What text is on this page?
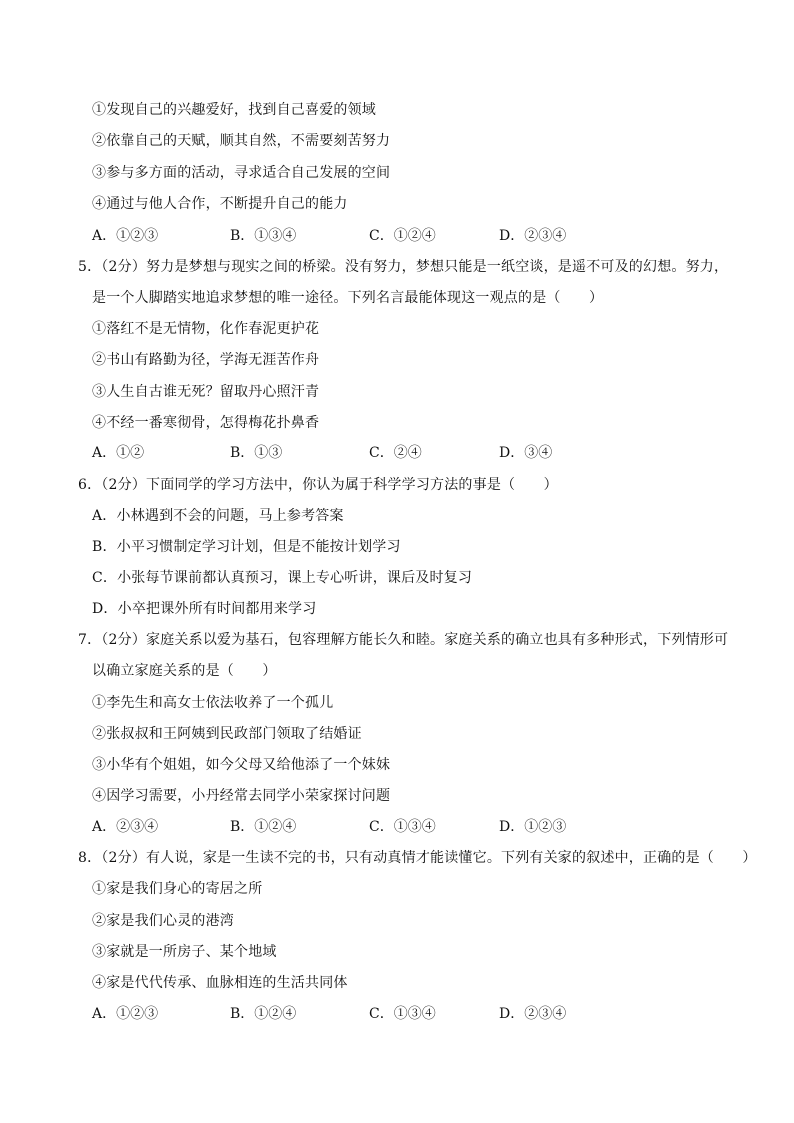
①发现自己的兴趣爱好，找到自己喜爱的领域
②依靠自己的天赋，顺其自然，不需要刻苦努力
③参与多方面的活动，寻求适合自己发展的空间
④通过与他人合作，不断提升自己的能力
A．①②③	B．①③④	C．①②④	D．②③④
5．（2分）努力是梦想与现实之间的桥梁。没有努力，梦想只能是一纸空谈，是遥不可及的幻想。努力，
是一个人脚踏实地追求梦想的唯一途径。下列名言最能体现这一观点的是（　　）
①落红不是无情物，化作春泥更护花
②书山有路勤为径，学海无涯苦作舟
③人生自古谁无死？留取丹心照汗青
④不经一番寒彻骨，怎得梅花扑鼻香
A．①②	B．①③	C．②④	D．③④
6．（2分）下面同学的学习方法中，你认为属于科学学习方法的事是（　　）
A．小林遇到不会的问题，马上参考答案
B．小平习惯制定学习计划，但是不能按计划学习
C．小张每节课前都认真预习，课上专心听讲，课后及时复习
D．小卒把课外所有时间都用来学习
7．（2分）家庭关系以爱为基石，包容理解方能长久和睦。家庭关系的确立也具有多种形式，下列情形可
以确立家庭关系的是（　　）
①李先生和高女士依法收养了一个孤儿
②张叔叔和王阿姨到民政部门领取了结婚证
③小华有个姐姐，如今父母又给他添了一个妹妹
④因学习需要，小丹经常去同学小荣家探讨问题
A．②③④	B．①②④	C．①③④	D．①②③
8．（2分）有人说，家是一生读不完的书，只有动真情才能读懂它。下列有关家的叙述中，正确的是（　　）
①家是我们身心的寄居之所
②家是我们心灵的港湾
③家就是一所房子、某个地域
④家是代代传承、血脉相连的生活共同体
A．①②③	B．①②④	C．①③④	D．②③④
